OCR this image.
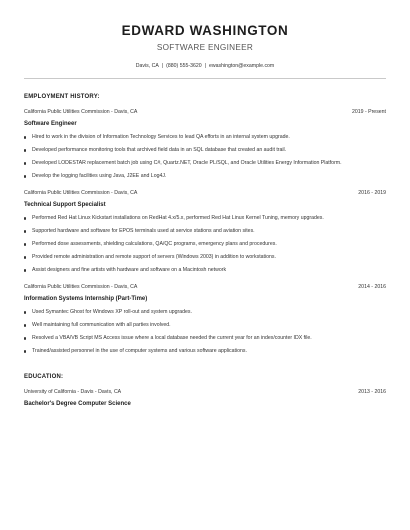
EDWARD WASHINGTON
SOFTWARE ENGINEER
Davis, CA | (880) 555-3620 | ewashington@example.com
EMPLOYMENT HISTORY:
California Public Utilities Commission - Davis, CA	2019 - Present
Software Engineer
Hired to work in the division of Information Technology Services to lead QA efforts in an internal system upgrade.
Developed performance monitoring tools that archived field data in an SQL database that created an audit trail.
Developed LODESTAR replacement batch job using C#, Quartz.NET, Oracle PL/SQL, and Oracle Utilities Energy Information Platform.
Develop the logging facilities using Java, J2EE and Log4J.
California Public Utilities Commission - Davis, CA	2016 - 2019
Technical Support Specialist
Performed Red Hat Linux Kickstart installations on RedHat 4.x/5.x, performed Red Hat Linux Kernel Tuning, memory upgrades.
Supported hardware and software for EPOS terminals used at service stations and aviation sites.
Performed dose assessments, shielding calculations, QA/QC programs, emergency plans and procedures.
Provided remote administration and remote support of servers (Windows 2003) in addition to workstations.
Assist designers and fine artists with hardware and software on a Macintosh network
California Public Utilities Commission - Davis, CA	2014 - 2016
Information Systems Internship (Part-Time)
Used Symantec Ghost for Windows XP roll-out and system upgrades.
Well maintaining full communication with all parties involved.
Resolved a VBA/VB Script MS Access issue where a local database needed the current year for an index/counter IDX file.
Trained/assisted personnel in the use of computer systems and various software applications.
EDUCATION:
University of California - Davis - Davis, CA	2013 - 2016
Bachelor's Degree Computer Science
